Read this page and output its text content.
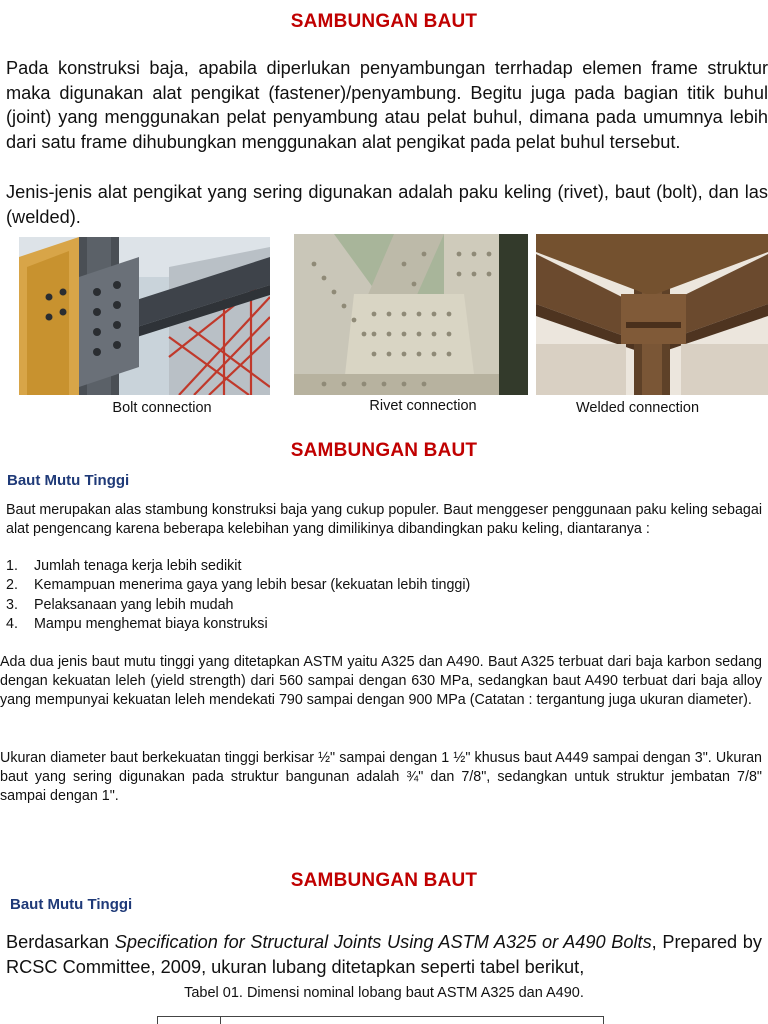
SAMBUNGAN BAUT
Pada konstruksi baja, apabila diperlukan penyambungan terrhadap elemen frame struktur maka digunakan alat pengikat (fastener)/penyambung. Begitu juga pada bagian titik buhul (joint) yang menggunakan pelat penyambung atau pelat buhul, dimana pada umumnya lebih dari satu frame dihubungkan menggunakan alat pengikat pada pelat buhul tersebut.
Jenis-jenis alat pengikat yang sering digunakan adalah paku keling (rivet), baut (bolt), dan las (welded).
Bolt connection	Rivet connection	Welded connection
SAMBUNGAN BAUT
Baut Mutu Tinggi
Baut merupakan alas stambung konstruksi baja yang cukup populer. Baut menggeser penggunaan paku keling sebagai alat pengencang karena beberapa kelebihan yang dimilikinya dibandingkan paku keling, diantaranya :
1. Jumlah tenaga kerja lebih sedikit
2. Kemampuan menerima gaya yang lebih besar (kekuatan lebih tinggi)
3. Pelaksanaan yang lebih mudah
4. Mampu menghemat biaya konstruksi
Ada dua jenis baut mutu tinggi yang ditetapkan ASTM yaitu A325 dan A490. Baut A325 terbuat dari baja karbon sedang dengan kekuatan leleh (yield strength) dari 560 sampai dengan 630 MPa, sedangkan baut A490 terbuat dari baja alloy yang mempunyai kekuatan leleh mendekati 790 sampai dengan 900 MPa (Catatan : tergantung juga ukuran diameter).
Ukuran diameter baut berkekuatan tinggi berkisar ½" sampai dengan 1 ½" khusus baut A449 sampai dengan 3". Ukuran baut yang sering digunakan pada struktur bangunan adalah ¾" dan 7/8", sedangkan untuk struktur jembatan 7/8" sampai dengan 1".
SAMBUNGAN BAUT
Baut Mutu Tinggi
Berdasarkan Specification for Structural Joints Using ASTM A325 or A490 Bolts, Prepared by RCSC Committee, 2009, ukuran lubang ditetapkan seperti tabel berikut,
Tabel 01. Dimensi nominal lobang baut ASTM A325 dan A490.
